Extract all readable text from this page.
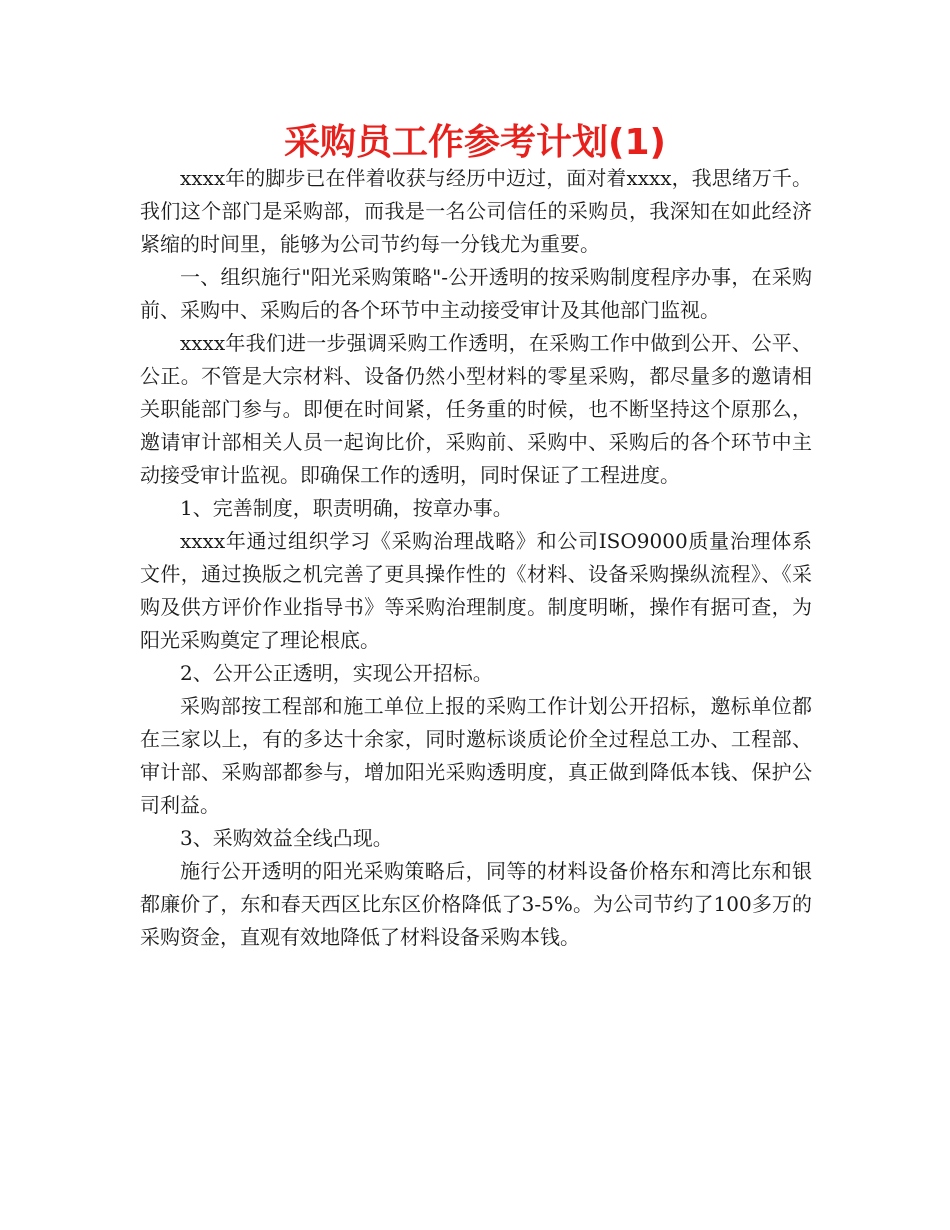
采购员工作参考计划(1)

xxxx年的脚步已在伴着收获与经历中迈过，面对着xxxx，我思绪万千。我们这个部门是采购部，而我是一名公司信任的采购员，我深知在如此经济紧缩的时间里，能够为公司节约每一分钱尤为重要。

一、组织施行"阳光采购策略"-公开透明的按采购制度程序办事，在采购前、采购中、采购后的各个环节中主动接受审计及其他部门监视。

xxxx年我们进一步强调采购工作透明，在采购工作中做到公开、公平、公正。不管是大宗材料、设备仍然小型材料的零星采购，都尽量多的邀请相关职能部门参与。即便在时间紧，任务重的时候，也不断坚持这个原那么，邀请审计部相关人员一起询比价，采购前、采购中、采购后的各个环节中主动接受审计监视。即确保工作的透明，同时保证了工程进度。

1、完善制度，职责明确，按章办事。

xxxx年通过组织学习《采购治理战略》和公司ISO9000质量治理体系文件，通过换版之机完善了更具操作性的《材料、设备采购操纵流程》、《采购及供方评价作业指导书》等采购治理制度。制度明晰，操作有据可查，为阳光采购奠定了理论根底。

2、公开公正透明，实现公开招标。

采购部按工程部和施工单位上报的采购工作计划公开招标，邀标单位都在三家以上，有的多达十余家，同时邀标谈质论价全过程总工办、工程部、审计部、采购部都参与，增加阳光采购透明度，真正做到降低本钱、保护公司利益。

3、采购效益全线凸现。

施行公开透明的阳光采购策略后，同等的材料设备价格东和湾比东和银都廉价了，东和春天西区比东区价格降低了3-5%。为公司节约了100多万的采购资金，直观有效地降低了材料设备采购本钱。
